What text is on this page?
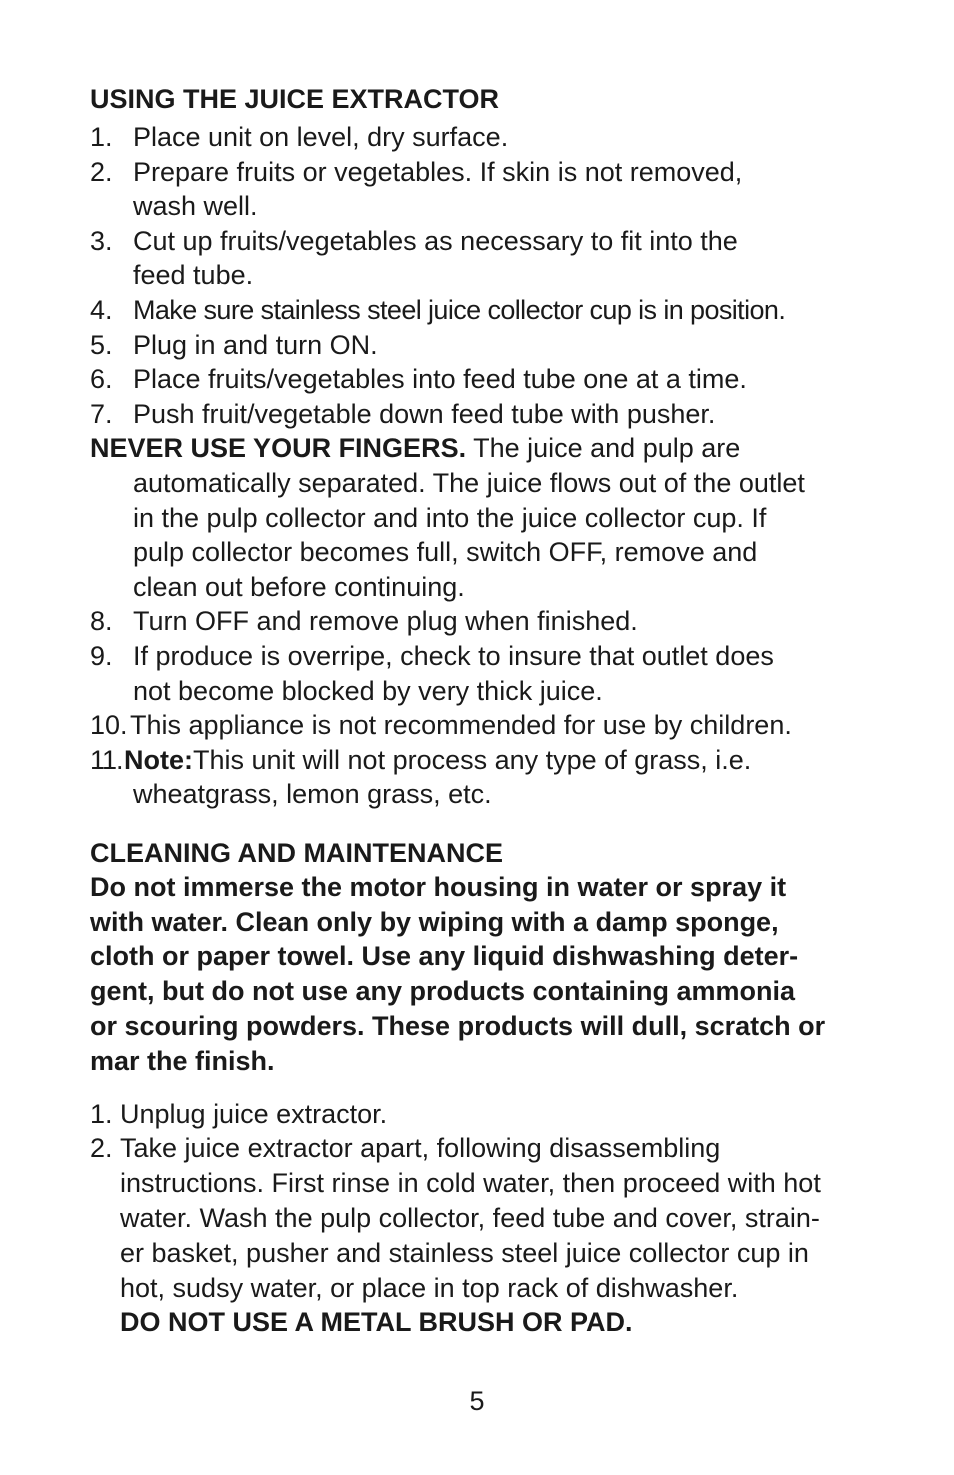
USING THE JUICE EXTRACTOR
1. Place unit on level, dry surface.
2. Prepare fruits or vegetables. If skin is not removed,
wash well.
3. Cut up fruits/vegetables as necessary to fit into the
feed tube.
4. Make sure stainless steel juice collector cup is in position.
5. Plug in and turn ON.
6. Place fruits/vegetables into feed tube one at a time.
7. Push fruit/vegetable down feed tube with pusher.
NEVER USE YOUR FINGERS. The juice and pulp are
automatically separated. The juice flows out of the outlet
in the pulp collector and into the juice collector cup. If
pulp collector becomes full, switch OFF, remove and
clean out before continuing.
8. Turn OFF and remove plug when finished.
9. If produce is overripe, check to insure that outlet does
not become blocked by very thick juice.
10. This appliance is not recommended for use by children.
11. Note:This unit will not process any type of grass, i.e.
wheatgrass, lemon grass, etc.
CLEANING AND MAINTENANCE
Do not immerse the motor housing in water or spray it
with water. Clean only by wiping with a damp sponge,
cloth or paper towel. Use any liquid dishwashing deter-
gent, but do not use any products containing ammonia
or scouring powders. These products will dull, scratch or
mar the finish.
1. Unplug juice extractor.
2. Take juice extractor apart, following disassembling
instructions. First rinse in cold water, then proceed with hot
water. Wash the pulp collector, feed tube and cover, strain-
er basket, pusher and stainless steel juice collector cup in
hot, sudsy water, or place in top rack of dishwasher.
DO NOT USE A METAL BRUSH OR PAD.
5
